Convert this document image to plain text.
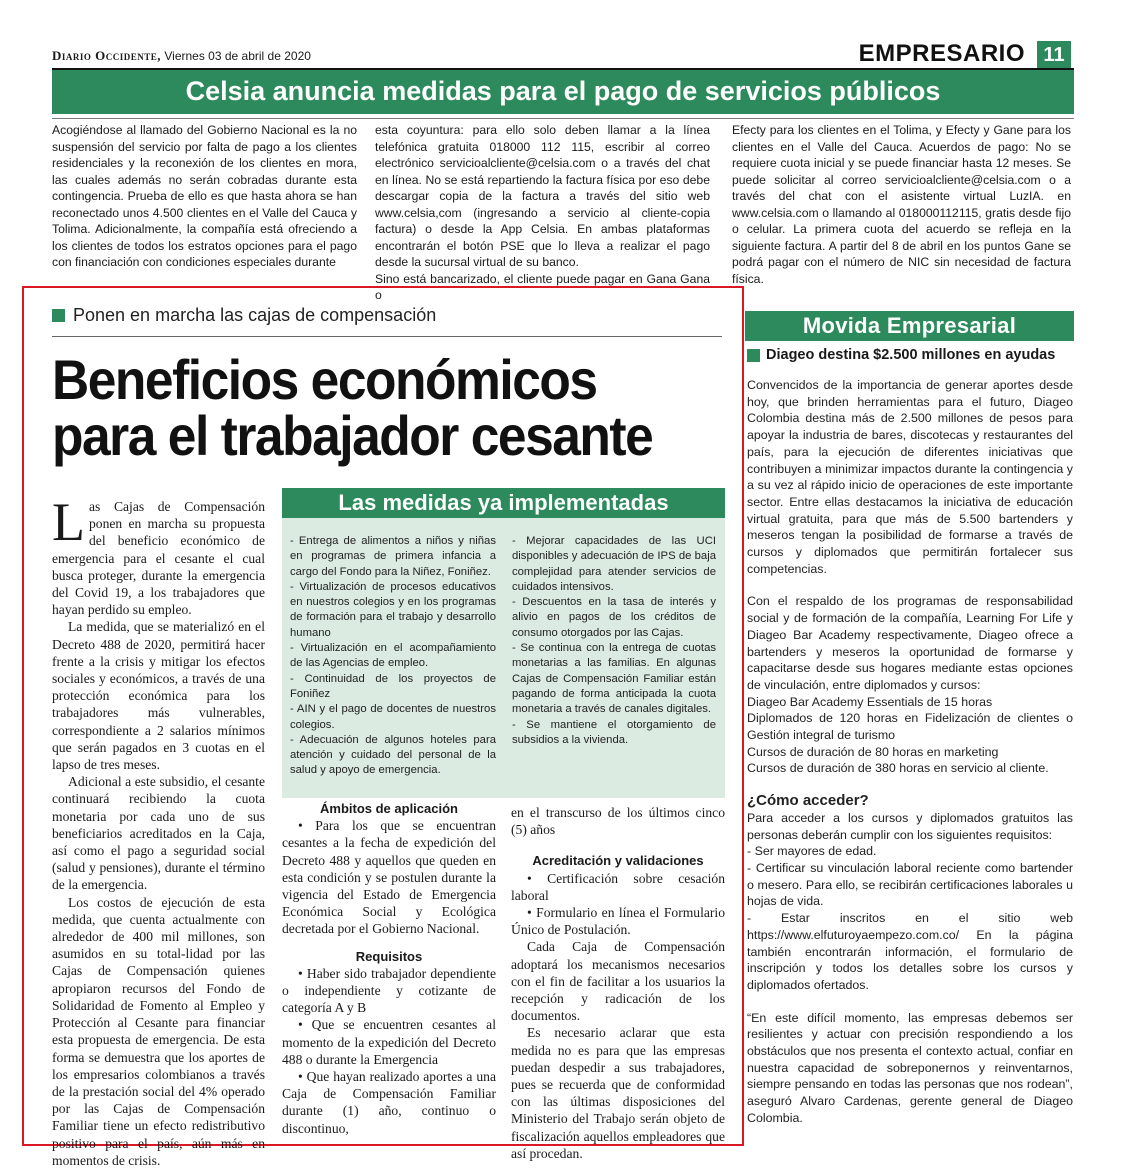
Diario Occidente, Viernes 03 de abril de 2020	EMPRESARIO 11
Celsia anuncia medidas para el pago de servicios públicos

Acogiéndose al llamado del Gobierno Nacional es la no suspensión del servicio por falta de pago a los clientes residenciales y la reconexión de los clientes en mora, las cuales además no serán cobradas durante esta contingencia. Prueba de ello es que hasta ahora se han reconectado unos 4.500 clientes en el Valle del Cauca y Tolima. Adicionalmente, la compañía está ofreciendo a los clientes de todos los estratos opciones para el pago con financiación con condiciones especiales durante

esta coyuntura: para ello solo deben llamar a la línea telefónica gratuita 018000 112 115, escribir al correo electrónico servicioalcliente@celsia.com o a través del chat en línea. No se está repartiendo la factura física por eso debe descargar copia de la factura a través del sitio web www.celsia,com (ingresando a servicio al cliente-copia factura) o desde la App Celsia. En ambas plataformas encontrarán el botón PSE que lo lleva a realizar el pago desde la sucursal virtual de su banco.

Sino está bancarizado, el cliente puede pagar en Gana Gana o

Efecty para los clientes en el Tolima, y Efecty y Gane para los clientes en el Valle del Cauca. Acuerdos de pago: No se requiere cuota inicial y se puede financiar hasta 12 meses. Se puede solicitar al correo servicioalcliente@celsia.com o a través del chat con el asistente virtual LuzIA. en www.celsia.com o llamando al 018000112115, gratis desde fijo o celular. La primera cuota del acuerdo se refleja en la siguiente factura. A partir del 8 de abril en los puntos Gane se podrá pagar con el número de NIC sin necesidad de factura física.

Ponen en marcha las cajas de compensación
Beneficios económicos
para el trabajador cesante

Las Cajas de Compensación ponen en marcha su propuesta del beneficio económico de emergencia para el cesante el cual busca proteger, durante la emergencia del Covid 19, a los trabajadores que hayan perdido su empleo.

La medida, que se materializó en el Decreto 488 de 2020, permitirá hacer frente a la crisis y mitigar los efectos sociales y económicos, a través de una protección económica para los trabajadores más vulnerables, correspondiente a 2 salarios mínimos que serán pagados en 3 cuotas en el lapso de tres meses.

Adicional a este subsidio, el cesante continuará recibiendo la cuota monetaria por cada uno de sus beneficiarios acreditados en la Caja, así como el pago a seguridad social (salud y pensiones), durante el término de la emergencia.

Los costos de ejecución de esta medida, que cuenta actualmente con alrededor de 400 mil millones, son asumidos en su total-lidad por las Cajas de Compensación quienes apropiaron recursos del Fondo de Solidaridad de Fomento al Empleo y Protección al Cesante para financiar esta propuesta de emergencia. De esta forma se demuestra que los aportes de los empresarios colombianos a través de la prestación social del 4% operado por las Cajas de Compensación Familiar tiene un efecto redistributivo positivo para el país, aún más en momentos de crisis.

Las medidas ya implementadas

- Entrega de alimentos a niños y niñas en programas de primera infancia a cargo del Fondo para la Niñez, Foniñez.

- Virtualización de procesos educativos en nuestros colegios y en los programas de formación para el trabajo y desarrollo humano

- Virtualización en el acompañamiento de las Agencias de empleo.

- Continuidad de los proyectos de Foniñez

- AIN y el pago de docentes de nuestros colegios.

- Adecuación de algunos hoteles para atención y cuidado del personal de la salud y apoyo de emergencia.

- Mejorar capacidades de las UCI disponibles y adecuación de IPS de baja complejidad para atender servicios de cuidados intensivos.

- Descuentos en la tasa de interés y alivio en pagos de los créditos de consumo otorgados por las Cajas.

- Se continua con la entrega de cuotas monetarias a las familias. En algunas Cajas de Compensación Familiar están pagando de forma anticipada la cuota monetaria a través de canales digitales.

- Se mantiene el otorgamiento de subsidios a la vivienda.

Ámbitos de aplicación

• Para los que se encuentran cesantes a la fecha de expedición del Decreto 488 y aquellos que queden en esta condición y se postulen durante la vigencia del Estado de Emergencia Económica Social y Ecológica decretada por el Gobierno Nacional.

Requisitos

• Haber sido trabajador dependiente o independiente y cotizante de categoría A y B

• Que se encuentren cesantes al momento de la expedición del Decreto 488 o durante la Emergencia

• Que hayan realizado aportes a una Caja de Compensación Familiar durante (1) año, continuo o discontinuo,

en el transcurso de los últimos cinco (5) años

Acreditación y validaciones

• Certificación sobre cesación laboral

• Formulario en línea el Formulario Único de Postulación.

Cada Caja de Compensación adoptará los mecanismos necesarios con el fin de facilitar a los usuarios la recepción y radicación de los documentos.

Es necesario aclarar que esta medida no es para que las empresas puedan despedir a sus trabajadores, pues se recuerda que de conformidad con las últimas disposiciones del Ministerio del Trabajo serán objeto de fiscalización aquellos empleadores que así procedan.

Movida Empresarial
Diageo destina $2.500 millones en ayudas

Convencidos de la importancia de generar aportes desde hoy, que brinden herramientas para el futuro, Diageo Colombia destina más de 2.500 millones de pesos para apoyar la industria de bares, discotecas y restaurantes del país, para la ejecución de diferentes iniciativas que contribuyen a minimizar impactos durante la contingencia y a su vez al rápido inicio de operaciones de este importante sector. Entre ellas destacamos la iniciativa de educación virtual gratuita, para que más de 5.500 bartenders y meseros tengan la posibilidad de formarse a través de cursos y diplomados que permitirán fortalecer sus competencias.

Con el respaldo de los programas de responsabilidad social y de formación de la compañía, Learning For Life y Diageo Bar Academy respectivamente, Diageo ofrece a bartenders y meseros la oportunidad de formarse y capacitarse desde sus hogares mediante estas opciones de vinculación, entre diplomados y cursos:

Diageo Bar Academy Essentials de 15 horas

Diplomados de 120 horas en Fidelización de clientes o Gestión integral de turismo

Cursos de duración de 80 horas en marketing

Cursos de duración de 380 horas en servicio al cliente.

¿Cómo acceder?

Para acceder a los cursos y diplomados gratuitos las personas deberán cumplir con los siguientes requisitos:

- Ser mayores de edad.

- Certificar su vinculación laboral reciente como bartender o mesero. Para ello, se recibirán certificaciones laborales u hojas de vida.

- Estar inscritos en el sitio web https://www.elfuturoyaempezo.com.co/ En la página también encontrarán información, el formulario de inscripción y todos los detalles sobre los cursos y diplomados ofertados.

“En este difícil momento, las empresas debemos ser resilientes y actuar con precisión respondiendo a los obstáculos que nos presenta el contexto actual, confiar en nuestra capacidad de sobreponernos y reinventarnos, siempre pensando en todas las personas que nos rodean”, aseguró Alvaro Cardenas, gerente general de Diageo Colombia.
